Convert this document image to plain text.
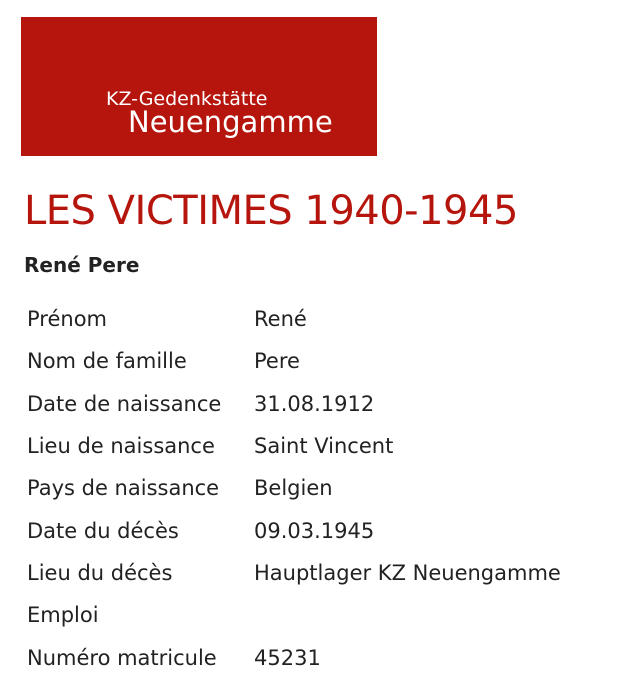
KZ-Gedenkstätte
Neuengamme
LES VICTIMES 1940-1945
René Pere
Prénom	René
Nom de famille	Pere
Date de naissance	31.08.1912
Lieu de naissance	Saint Vincent
Pays de naissance	Belgien
Date du décès	09.03.1945
Lieu du décès	Hauptlager KZ Neuengamme
Emploi
Numéro matricule	45231
